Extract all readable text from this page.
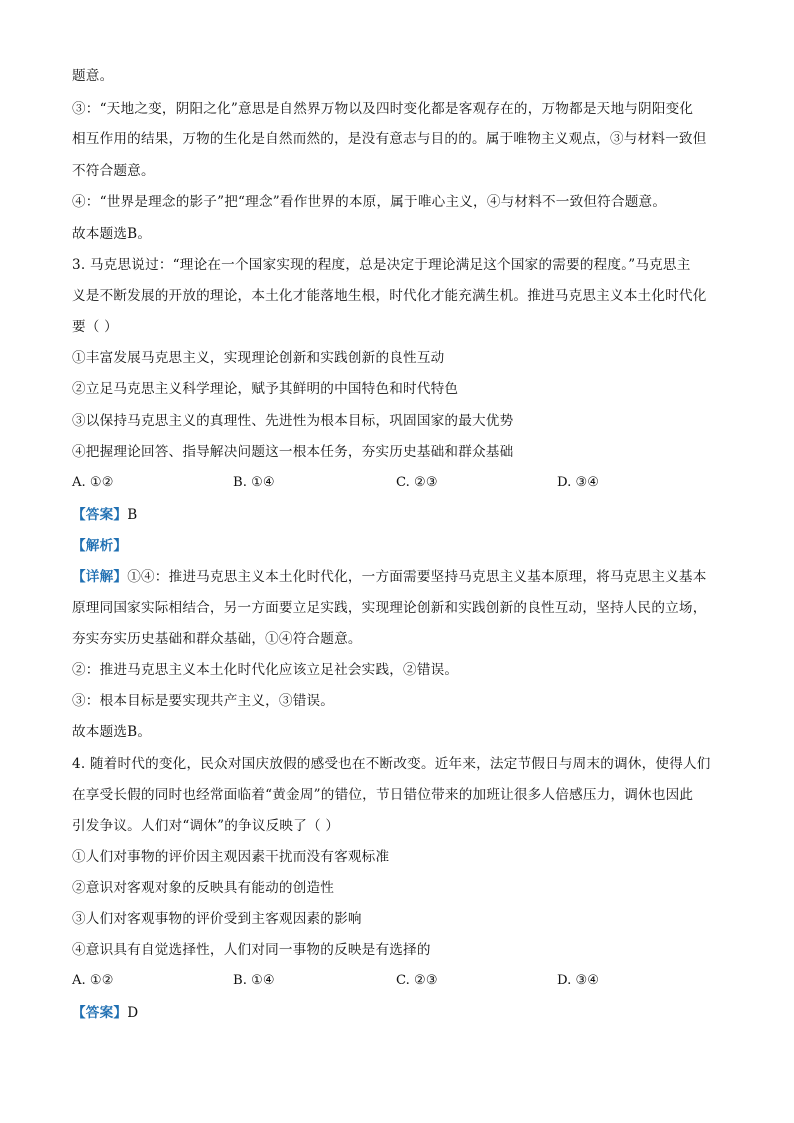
题意。
③：“天地之变，阴阳之化”意思是自然界万物以及四时变化都是客观存在的，万物都是天地与阴阳变化
相互作用的结果，万物的生化是自然而然的，是没有意志与目的的。属于唯物主义观点，③与材料一致但
不符合题意。
④：“世界是理念的影子”把“理念”看作世界的本原，属于唯心主义，④与材料不一致但符合题意。
故本题选B。
3. 马克思说过：“理论在一个国家实现的程度，总是决定于理论满足这个国家的需要的程度。”马克思主
义是不断发展的开放的理论，本土化才能落地生根，时代化才能充满生机。推进马克思主义本土化时代化
要（ ）
①丰富发展马克思主义，实现理论创新和实践创新的良性互动
②立足马克思主义科学理论，赋予其鲜明的中国特色和时代特色
③以保持马克思主义的真理性、先进性为根本目标，巩固国家的最大优势
④把握理论回答、指导解决问题这一根本任务，夯实历史基础和群众基础
A. ①②	B. ①④	C. ②③	D. ③④
【答案】B
【解析】
【详解】①④：推进马克思主义本土化时代化，一方面需要坚持马克思主义基本原理，将马克思主义基本
原理同国家实际相结合，另一方面要立足实践，实现理论创新和实践创新的良性互动，坚持人民的立场，
夯实夯实历史基础和群众基础，①④符合题意。
②：推进马克思主义本土化时代化应该立足社会实践，②错误。
③：根本目标是要实现共产主义，③错误。
故本题选B。
4. 随着时代的变化，民众对国庆放假的感受也在不断改变。近年来，法定节假日与周末的调休，使得人们
在享受长假的同时也经常面临着“黄金周”的错位，节日错位带来的加班让很多人倍感压力，调休也因此
引发争议。人们对“调休”的争议反映了（ ）
①人们对事物的评价因主观因素干扰而没有客观标准
②意识对客观对象的反映具有能动的创造性
③人们对客观事物的评价受到主客观因素的影响
④意识具有自觉选择性，人们对同一事物的反映是有选择的
A. ①②	B. ①④	C. ②③	D. ③④
【答案】D
